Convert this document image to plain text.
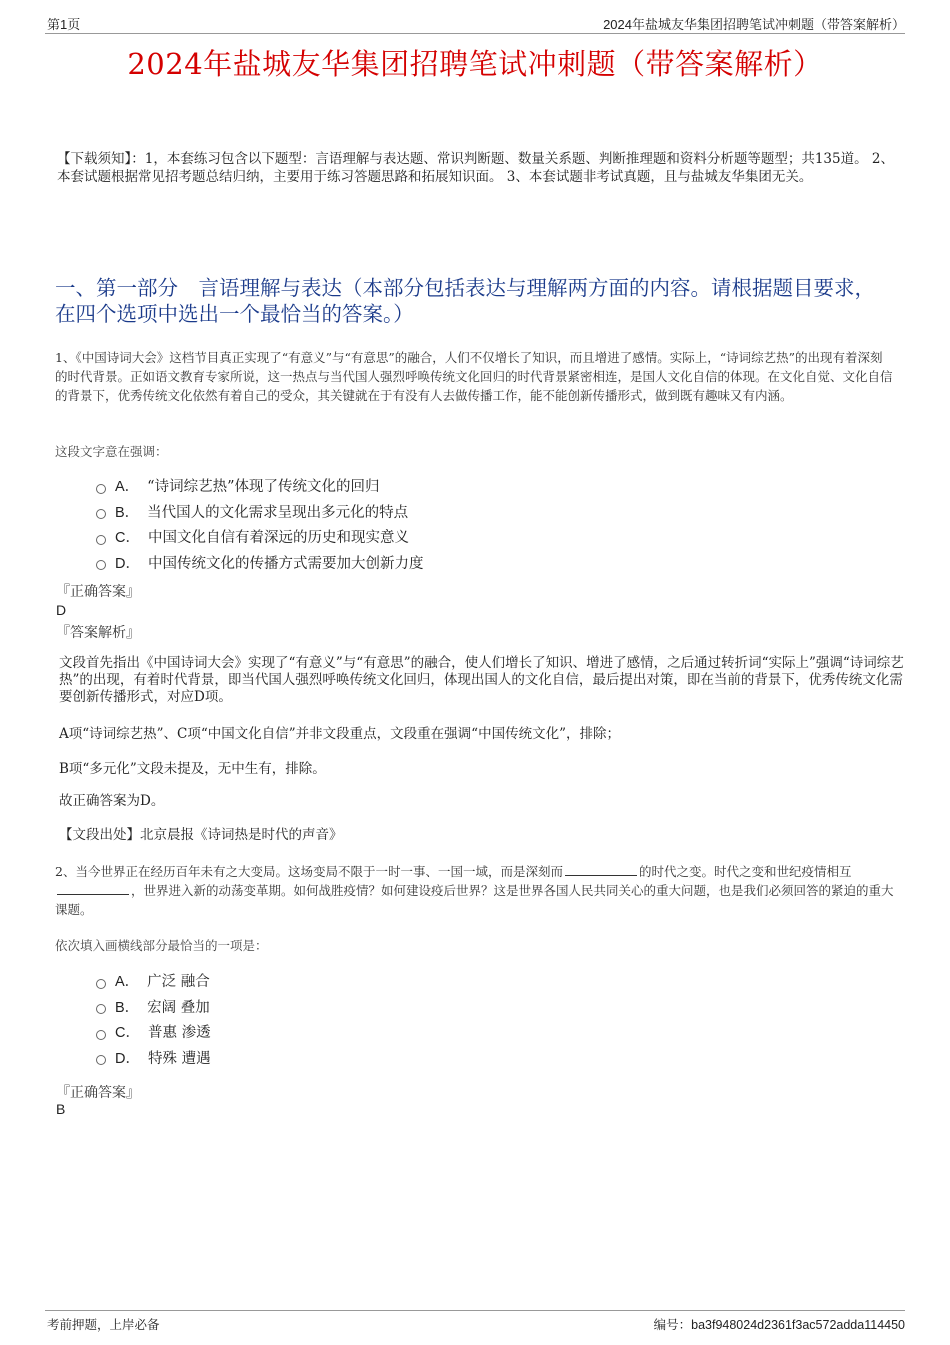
第1页	2024年盐城友华集团招聘笔试冲刺题（带答案解析）
2024年盐城友华集团招聘笔试冲刺题（带答案解析）
【下载须知】：1，本套练习包含以下题型：言语理解与表达题、常识判断题、数量关系题、判断推理题和资料分析题等题型；共135道。 2、本套试题根据常见招考题总结归纳，主要用于练习答题思路和拓展知识面。 3、本套试题非考试真题，且与盐城友华集团无关。
一、第一部分　言语理解与表达（本部分包括表达与理解两方面的内容。请根据题目要求，在四个选项中选出一个最恰当的答案。）
1、《中国诗词大会》这档节目真正实现了“有意义”与“有意思”的融合，人们不仅增长了知识，而且增进了感情。实际上，“诗词综艺热”的出现有着深刻的时代背景。正如语文教育专家所说，这一热点与当代国人强烈呼唤传统文化回归的时代背景紧密相连，是国人文化自信的体现。在文化自觉、文化自信的背景下，优秀传统文化依然有着自己的受众，其关键就在于有没有人去做传播工作，能不能创新传播形式，做到既有趣味又有内涵。
这段文字意在强调：
A． “诗词综艺热”体现了传统文化的回归
B． 当代国人的文化需求呈现出多元化的特点
C． 中国文化自信有着深远的历史和现实意义
D． 中国传统文化的传播方式需要加大创新力度
『正确答案』
D
『答案解析』
文段首先指出《中国诗词大会》实现了“有意义”与“有意思”的融合，使人们增长了知识、增进了感情，之后通过转折词“实际上”强调“诗词综艺热”的出现，有着时代背景，即当代国人强烈呼唤传统文化回归，体现出国人的文化自信，最后提出对策，即在当前的背景下，优秀传统文化需要创新传播形式，对应D项。
A项“诗词综艺热”、C项“中国文化自信”并非文段重点，文段重在强调“中国传统文化”，排除；
B项“多元化”文段未提及，无中生有，排除。
故正确答案为D。
【文段出处】北京晨报《诗词热是时代的声音》
2、当今世界正在经历百年未有之大变局。这场变局不限于一时一事、一国一域，而是深刻而	的时代之变。时代之变和世纪疫情相互，世界进入新的动荡变革期。如何战胜疫情？如何建设疫后世界？这是世界各国人民共同关心的重大问题，也是我们必须回答的紧迫的重大课题。
依次填入画横线部分最恰当的一项是：
A． 广泛 融合
B． 宏阔 叠加
C． 普惠 渗透
D． 特殊 遭遇
『正确答案』
B
考前押题，上岸必备	编号：ba3f948024d2361f3ac572adda114450
